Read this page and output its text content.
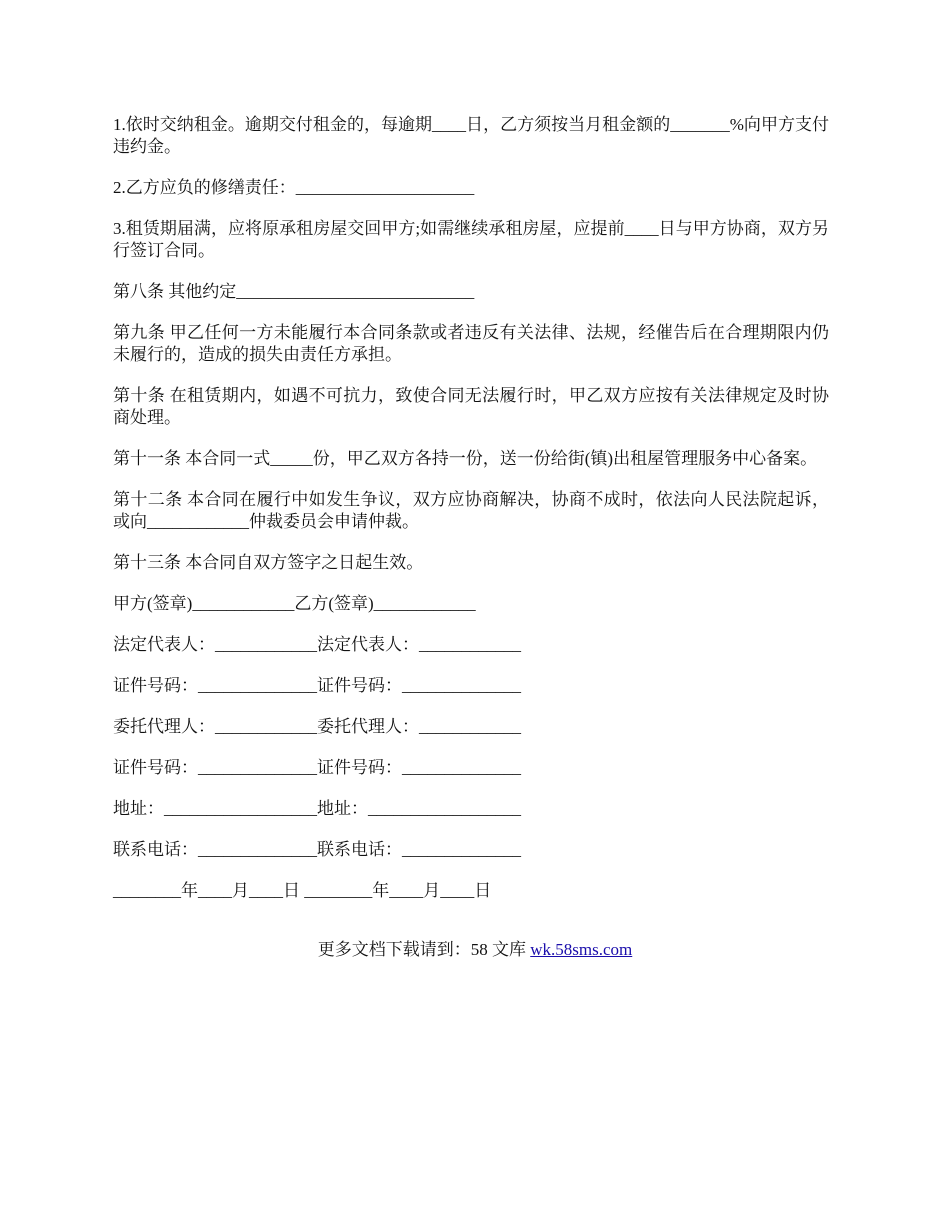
1.依时交纳租金。逾期交付租金的，每逾期____日，乙方须按当月租金额的_______%向甲方支付违约金。

2.乙方应负的修缮责任：_____________________

3.租赁期届满，应将原承租房屋交回甲方;如需继续承租房屋，应提前____日与甲方协商，双方另行签订合同。

第八条 其他约定____________________________

第九条 甲乙任何一方未能履行本合同条款或者违反有关法律、法规，经催告后在合理期限内仍未履行的，造成的损失由责任方承担。

第十条 在租赁期内，如遇不可抗力，致使合同无法履行时，甲乙双方应按有关法律规定及时协商处理。

第十一条 本合同一式_____份，甲乙双方各持一份，送一份给街(镇)出租屋管理服务中心备案。

第十二条 本合同在履行中如发生争议，双方应协商解决，协商不成时，依法向人民法院起诉，或向____________仲裁委员会申请仲裁。

第十三条 本合同自双方签字之日起生效。

甲方(签章)____________乙方(签章)____________
法定代表人：____________法定代表人：____________
证件号码：______________证件号码：______________
委托代理人：____________委托代理人：____________
证件号码：______________证件号码：______________
地址：__________________地址：__________________
联系电话：______________联系电话：______________
________年____月____日 ________年____月____日
更多文档下载请到：58 文库 wk.58sms.com
